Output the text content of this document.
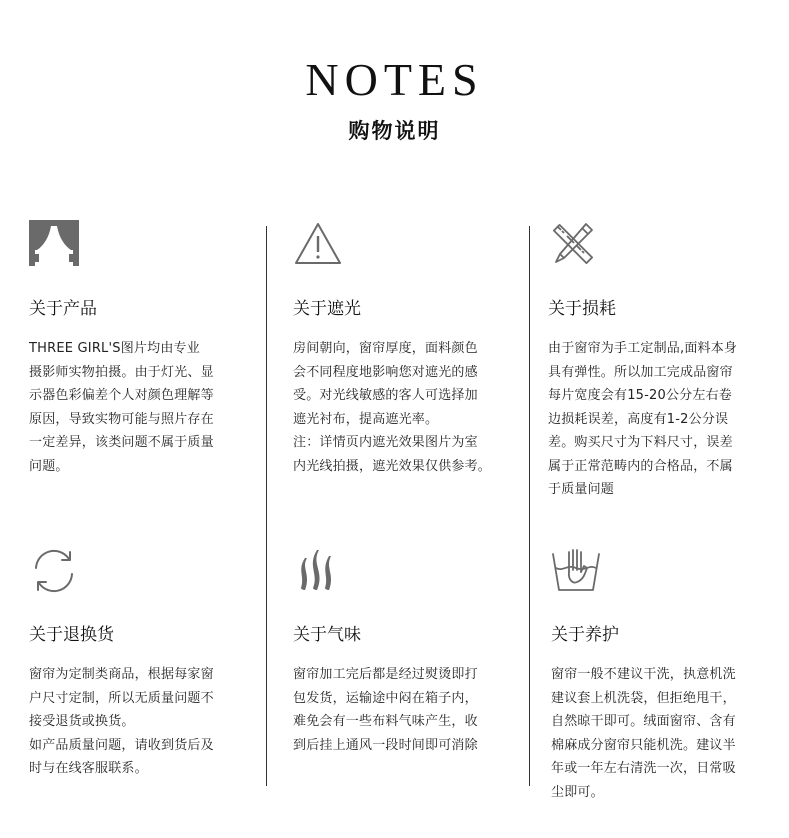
NOTES
购物说明
关于产品
THREE GIRL'S图片均由专业
摄影师实物拍摄。由于灯光、显
示器色彩偏差个人对颜色理解等
原因，导致实物可能与照片存在
一定差异，该类问题不属于质量
问题。
关于遮光
房间朝向，窗帘厚度，面料颜色
会不同程度地影响您对遮光的感
受。对光线敏感的客人可选择加
遮光衬布，提高遮光率。
注：详情页内遮光效果图片为室
内光线拍摄，遮光效果仅供参考。
关于损耗
由于窗帘为手工定制品,面料本身
具有弹性。所以加工完成品窗帘
每片宽度会有15-20公分左右卷
边损耗误差，高度有1-2公分误
差。购买尺寸为下料尺寸，误差
属于正常范畴内的合格品，不属
于质量问题
关于退换货
窗帘为定制类商品，根据每家窗
户尺寸定制，所以无质量问题不
接受退货或换货。
如产品质量问题，请收到货后及
时与在线客服联系。
关于气味
窗帘加工完后都是经过熨烫即打
包发货，运输途中闷在箱子内，
难免会有一些布料气味产生，收
到后挂上通风一段时间即可消除
关于养护
窗帘一般不建议干洗，执意机洗
建议套上机洗袋，但拒绝甩干，
自然晾干即可。绒面窗帘、含有
棉麻成分窗帘只能机洗。建议半
年或一年左右清洗一次，日常吸
尘即可。
